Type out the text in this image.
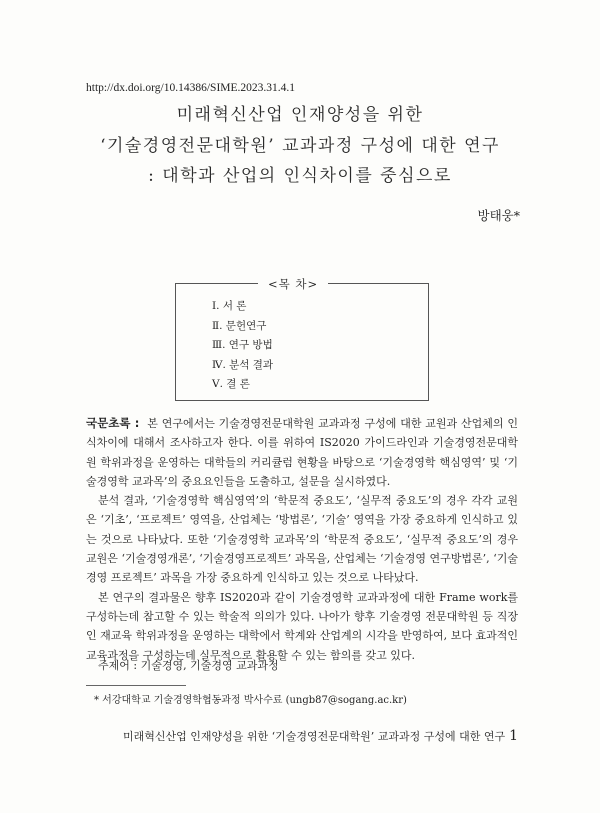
http://dx.doi.org/10.14386/SIME.2023.31.4.1
미래혁신산업 인재양성을 위한
‘기술경영전문대학원’ 교과과정 구성에 대한 연구
: 대학과 산업의 인식차이를 중심으로
방태웅*
<목 차>
Ⅰ. 서 론
Ⅱ. 문헌연구
Ⅲ. 연구 방법
Ⅳ. 분석 결과
Ⅴ. 결 론

국문초록 : 본 연구에서는 기술경영전문대학원 교과과정 구성에 대한 교원과 산업체의 인식차이에 대해서 조사하고자 한다. 이를 위하여 IS2020 가이드라인과 기술경영전문대학원 학위과정을 운영하는 대학들의 커리큘럼 현황을 바탕으로 ‘기술경영학 핵심영역’ 및 ‘기술경영학 교과목’의 중요요인들을 도출하고, 설문을 실시하였다.

분석 결과, ‘기술경영학 핵심영역’의 ‘학문적 중요도’, ‘실무적 중요도’의 경우 각각 교원은 ‘기초’, ‘프로젝트’ 영역을, 산업체는 ‘방법론’, ‘기술’ 영역을 가장 중요하게 인식하고 있는 것으로 나타났다. 또한 ‘기술경영학 교과목’의 ‘학문적 중요도’, ‘실무적 중요도’의 경우 교원은 ‘기술경영개론’, ‘기술경영프로젝트’ 과목을, 산업체는 ‘기술경영 연구방법론’, ‘기술경영 프로젝트’ 과목을 가장 중요하게 인식하고 있는 것으로 나타났다.

본 연구의 결과물은 향후 IS2020과 같이 기술경영학 교과과정에 대한 Frame work를 구성하는데 참고할 수 있는 학술적 의의가 있다. 나아가 향후 기술경영 전문대학원 등 직장인 재교육 학위과정을 운영하는 대학에서 학계와 산업계의 시각을 반영하여, 보다 효과적인 교육과정을 구성하는데 실무적으로 활용할 수 있는 함의를 갖고 있다.

주제어 : 기술경영, 기술경영 교과과정
* 서강대학교 기술경영학협동과정 박사수료 (ungb87@sogang.ac.kr)
미래혁신산업 인재양성을 위한 ‘기술경영전문대학원’ 교과과정 구성에 대한 연구 1
